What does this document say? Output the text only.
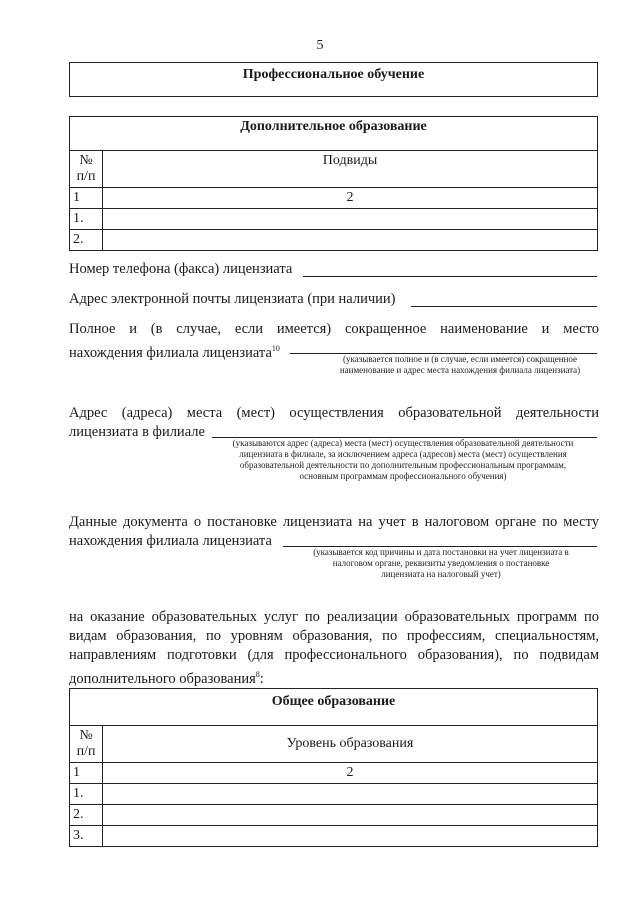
5
Профессиональное обучение
Дополнительное образование
№ п/п	Подвиды
1	2
1.	
2.	
Номер телефона (факса) лицензиата
Адрес электронной почты лицензиата (при наличии)
Полное и (в случае, если имеется) сокращенное наименование и место
нахождения филиала лицензиата$^{10}$
(указывается полное и (в случае, если имеется) сокращенное наименование и адрес места нахождения филиала лицензиата)
Адрес (адреса) места (мест) осуществления образовательной деятельности
лицензиата в филиале
(указываются адрес (адреса) места (мест) осуществления образовательной деятельности лицензиата в филиале, за исключением адреса (адресов) места (мест) осуществления образовательной деятельности по дополнительным профессиональным программам, основным программам профессионального обучения)
Данные документа о постановке лицензиата на учет в налоговом органе по месту
нахождения филиала лицензиата
(указывается код причины и дата постановки на учет лицензиата в налоговом органе, реквизиты уведомления о постановке лицензиата на налоговый учет)
на оказание образовательных услуг по реализации образовательных программ по видам образования, по уровням образования, по профессиям, специальностям, направлениям подготовки (для профессионального образования), по подвидам дополнительного образования$^8$:
Общее образование
№ п/п	Уровень образования
1	2
1.	
2.	
3.	
